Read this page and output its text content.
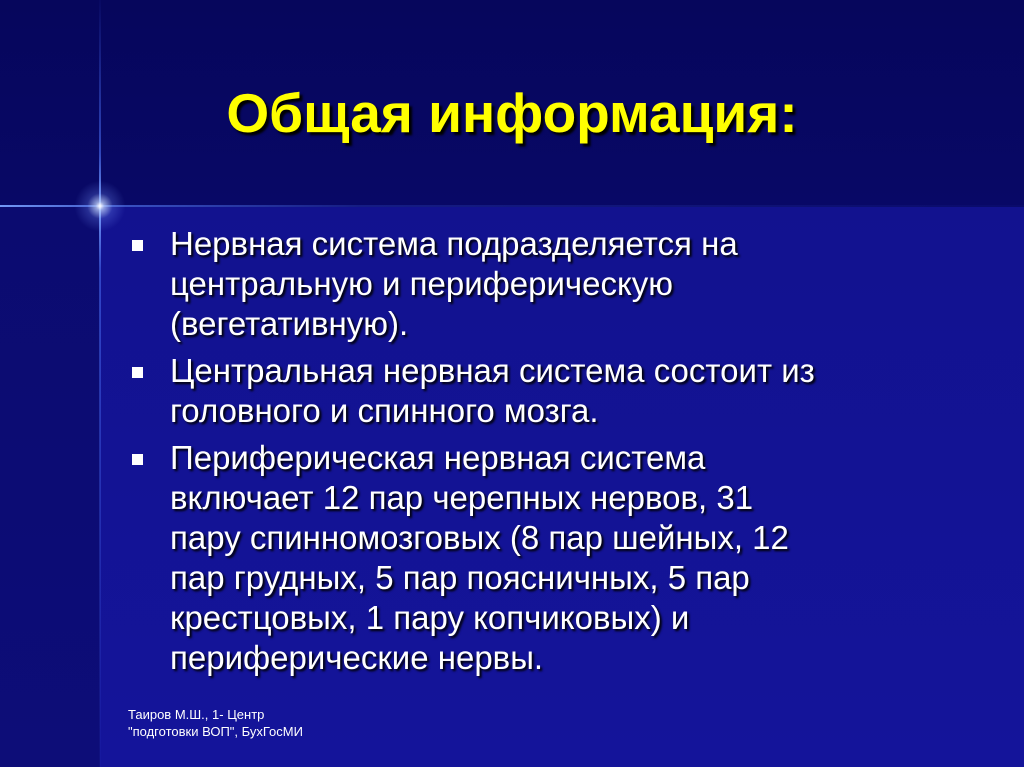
Общая информация:
Нервная система подразделяется на
центральную и периферическую
(вегетативную).
Центральная нервная система состоит из
головного и спинного мозга.
Периферическая нервная система
включает 12 пар черепных нервов, 31
пару спинномозговых (8 пар шейных, 12
пар грудных, 5 пар поясничных, 5 пар
крестцовых, 1 пару копчиковых) и
периферические нервы.
Таиров М.Ш., 1- Центр
"подготовки ВОП", БухГосМИ
